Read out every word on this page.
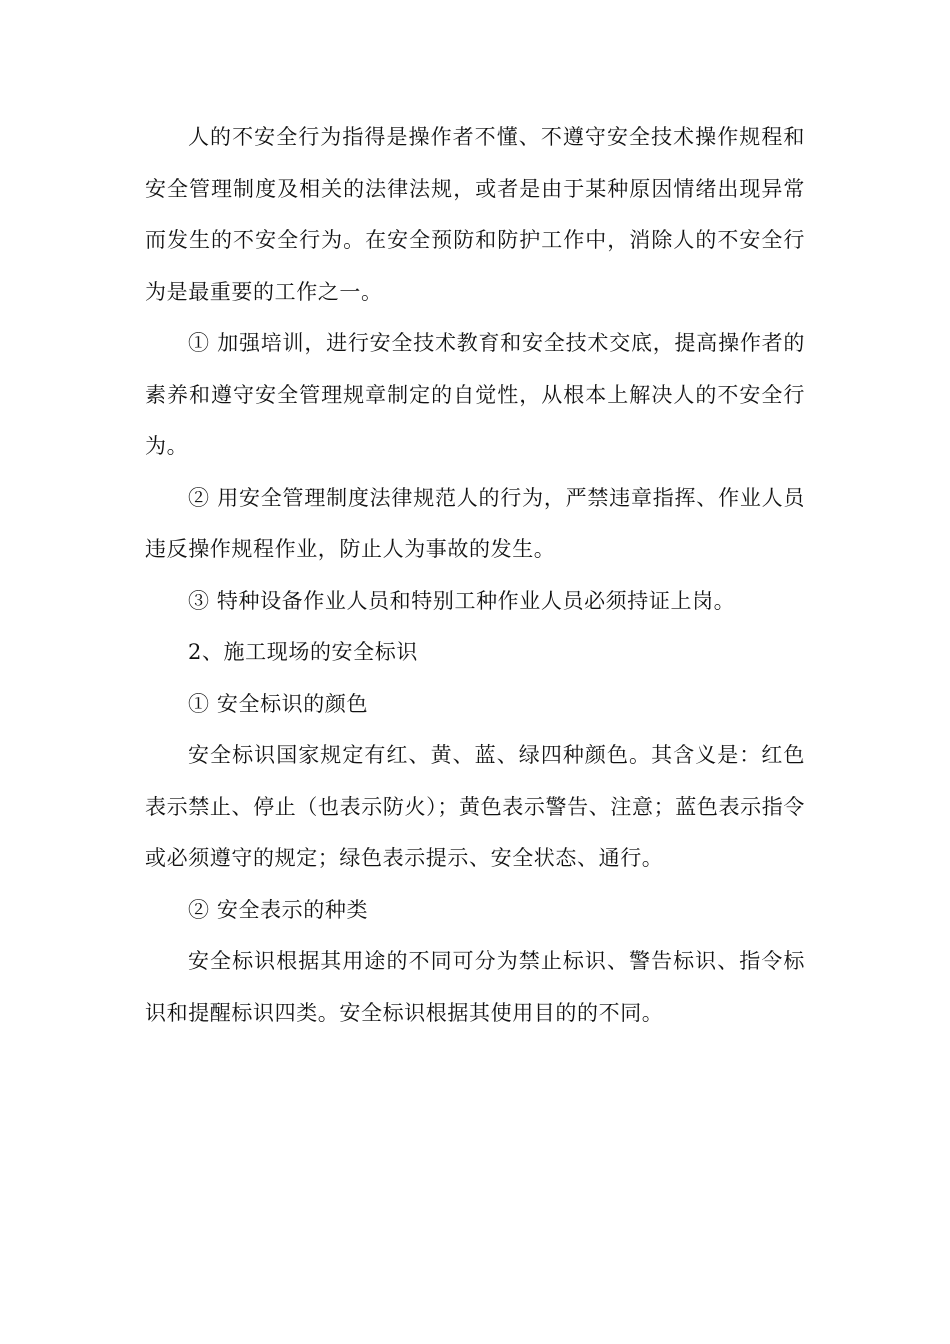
人的不安全行为指得是操作者不懂、不遵守安全技术操作规程和安全管理制度及相关的法律法规，或者是由于某种原因情绪出现异常而发生的不安全行为。在安全预防和防护工作中，消除人的不安全行为是最重要的工作之一。

① 加强培训，进行安全技术教育和安全技术交底，提高操作者的素养和遵守安全管理规章制定的自觉性，从根本上解决人的不安全行为。

② 用安全管理制度法律规范人的行为，严禁违章指挥、作业人员违反操作规程作业，防止人为事故的发生。

③ 特种设备作业人员和特别工种作业人员必须持证上岗。

2、施工现场的安全标识

① 安全标识的颜色

安全标识国家规定有红、黄、蓝、绿四种颜色。其含义是：红色表示禁止、停止（也表示防火）；黄色表示警告、注意；蓝色表示指令或必须遵守的规定；绿色表示提示、安全状态、通行。

② 安全表示的种类

安全标识根据其用途的不同可分为禁止标识、警告标识、指令标识和提醒标识四类。安全标识根据其使用目的的不同。
